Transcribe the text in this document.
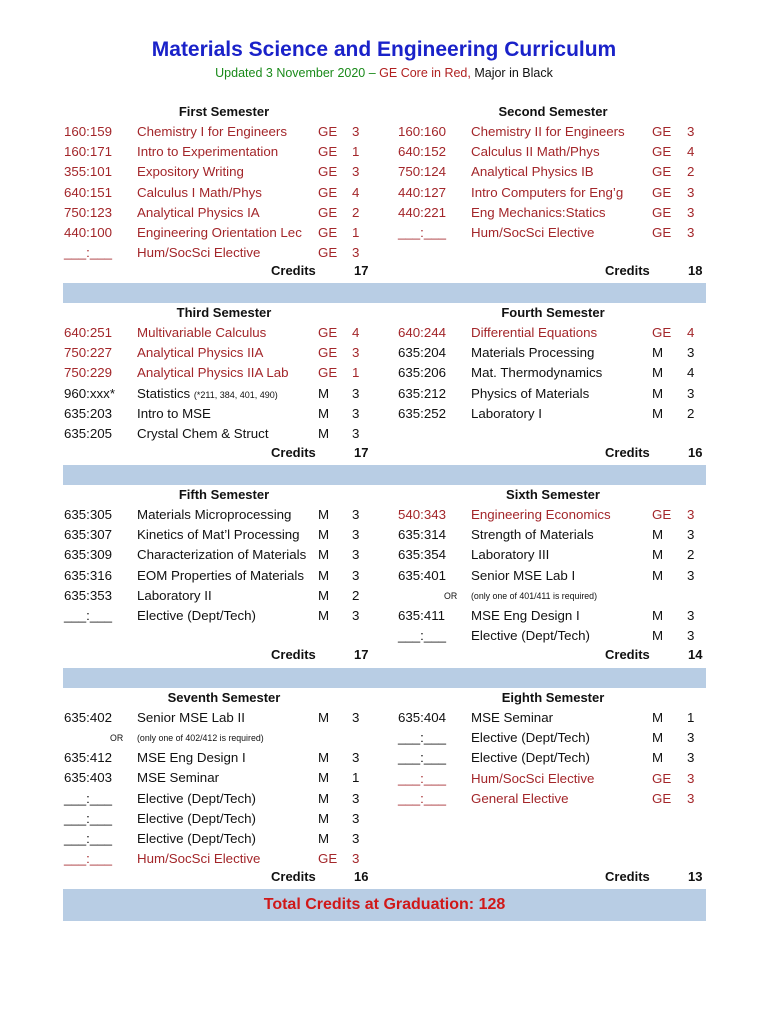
Materials Science and Engineering Curriculum
Updated 3 November 2020 – GE Core in Red, Major in Black
First Semester
160:159 Chemistry I for Engineers GE 3
160:171 Intro to Experimentation	GE 1
355:101 Expository Writing	GE 3
640:151 Calculus I Math/Phys	GE 4
750:123 Analytical Physics IA	GE 2
440:100 Engineering Orientation Lec GE 1
___:___ Hum/SocSci Elective	GE 3
Credits	17
Second Semester
160:160 Chemistry II for Engineers GE 3
640:152 Calculus II Math/Phys	GE 4
750:124 Analytical Physics IB	GE 2
440:127 Intro Computers for Eng’g GE 3
440:221 Eng Mechanics:Statics	GE 3
___:___ Hum/SocSci Elective	GE 3
Credits	18
Third Semester
640:251 Multivariable Calculus	GE 4
750:227 Analytical Physics IIA	GE 3
750:229 Analytical Physics IIA Lab GE 1
960:xxx* Statistics (*211, 384, 401, 490)	M 3
635:203 Intro to MSE	M 3
635:205 Crystal Chem & Struct	M 3
Credits	17
Fourth Semester
640:244 Differential Equations	GE 4
635:204 Materials Processing	M 3
635:206 Mat. Thermodynamics	M 4
635:212 Physics of Materials	M 3
635:252 Laboratory I	M 2
Credits	16
Fifth Semester
635:305 Materials Microprocessing M 3
635:307 Kinetics of Mat’l Processing M 3
635:309 Characterization of Materials M 3
635:316 EOM Properties of Materials M 3
635:353 Laboratory II	M 2
___:___ Elective (Dept/Tech)	M 3
Credits	17
Sixth Semester
540:343 Engineering Economics	GE 3
635:314 Strength of Materials	M 3
635:354 Laboratory III	M 2
635:401 Senior MSE Lab I	M 3
OR (only one of 401/411 is required)
635:411 MSE Eng Design I	M 3
___:___ Elective (Dept/Tech)	M 3
Credits	14
Seventh Semester
635:402 Senior MSE Lab II	M 3
OR (only one of 402/412 is required)
635:412 MSE Eng Design I	M 3
635:403 MSE Seminar	M 1
___:___ Elective (Dept/Tech)	M 3
___:___ Elective (Dept/Tech)	M 3
___:___ Elective (Dept/Tech)	M 3
___:___ Hum/SocSci Elective	GE 3
Credits	16
Eighth Semester
635:404 MSE Seminar	M 1
___:___ Elective (Dept/Tech)	M 3
___:___ Elective (Dept/Tech)	M 3
___:___ Hum/SocSci Elective	GE 3
___:___ General Elective	GE 3
Credits	13
Total Credits at Graduation: 128
